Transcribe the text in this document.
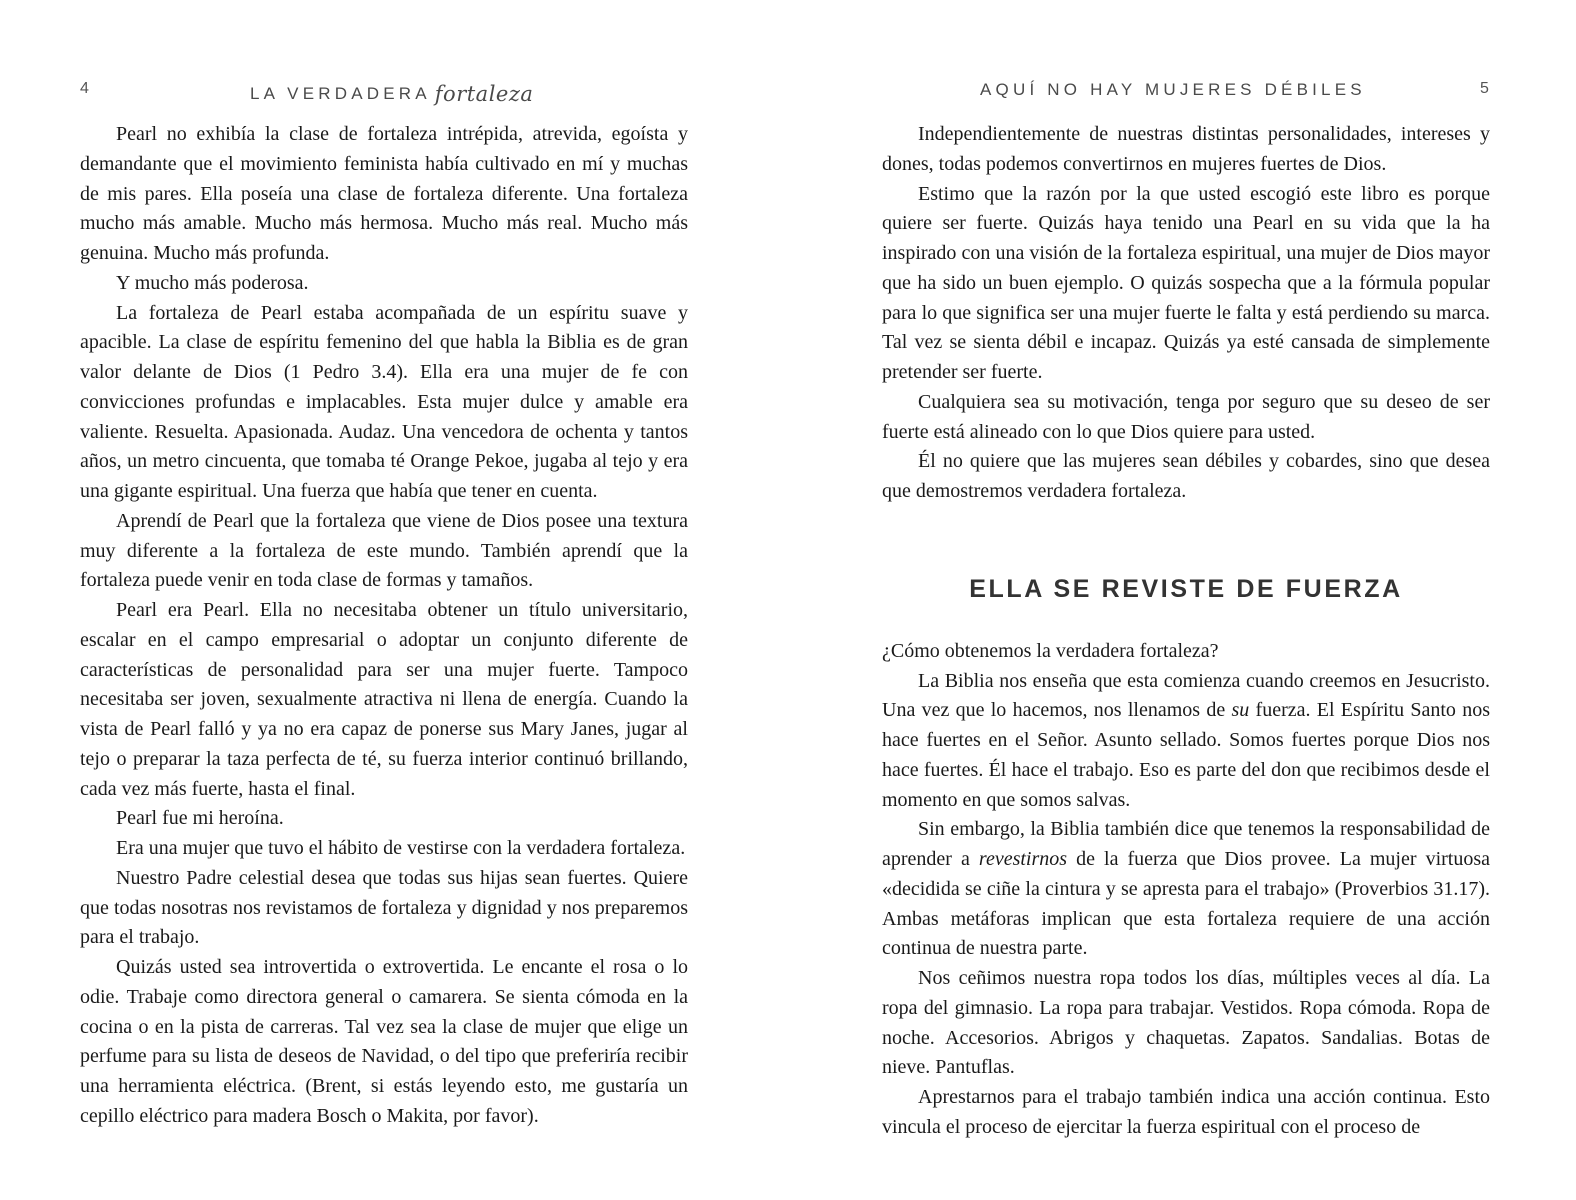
4	LA VERDADERA fortaleza

Pearl no exhibía la clase de fortaleza intrépida, atrevida, egoísta y demandante que el movimiento feminista había cultivado en mí y muchas de mis pares. Ella poseía una clase de fortaleza diferente. Una fortaleza mucho más amable. Mucho más hermosa. Mucho más real. Mucho más genuina. Mucho más profunda.

Y mucho más poderosa.

La fortaleza de Pearl estaba acompañada de un espíritu suave y apacible. La clase de espíritu femenino del que habla la Biblia es de gran valor delante de Dios (1 Pedro 3.4). Ella era una mujer de fe con convicciones profundas e implacables. Esta mujer dulce y amable era valiente. Resuelta. Apasionada. Audaz. Una vencedora de ochenta y tantos años, un metro cincuenta, que tomaba té Orange Pekoe, jugaba al tejo y era una gigante espiritual. Una fuerza que había que tener en cuenta.

Aprendí de Pearl que la fortaleza que viene de Dios posee una textura muy diferente a la fortaleza de este mundo. También aprendí que la fortaleza puede venir en toda clase de formas y tamaños.

Pearl era Pearl. Ella no necesitaba obtener un título universitario, escalar en el campo empresarial o adoptar un conjunto diferente de características de personalidad para ser una mujer fuerte. Tampoco necesitaba ser joven, sexualmente atractiva ni llena de energía. Cuando la vista de Pearl falló y ya no era capaz de ponerse sus Mary Janes, jugar al tejo o preparar la taza perfecta de té, su fuerza interior continuó brillando, cada vez más fuerte, hasta el final.

Pearl fue mi heroína.

Era una mujer que tuvo el hábito de vestirse con la verdadera fortaleza.

Nuestro Padre celestial desea que todas sus hijas sean fuertes. Quiere que todas nosotras nos revistamos de fortaleza y dignidad y nos preparemos para el trabajo.

Quizás usted sea introvertida o extrovertida. Le encante el rosa o lo odie. Trabaje como directora general o camarera. Se sienta cómoda en la cocina o en la pista de carreras. Tal vez sea la clase de mujer que elige un perfume para su lista de deseos de Navidad, o del tipo que preferiría recibir una herramienta eléctrica. (Brent, si estás leyendo esto, me gustaría un cepillo eléctrico para madera Bosch o Makita, por favor).

AQUÍ NO HAY MUJERES DÉBILES	5

Independientemente de nuestras distintas personalidades, intereses y dones, todas podemos convertirnos en mujeres fuertes de Dios.

Estimo que la razón por la que usted escogió este libro es porque quiere ser fuerte. Quizás haya tenido una Pearl en su vida que la ha inspirado con una visión de la fortaleza espiritual, una mujer de Dios mayor que ha sido un buen ejemplo. O quizás sospecha que a la fórmula popular para lo que significa ser una mujer fuerte le falta y está perdiendo su marca. Tal vez se sienta débil e incapaz. Quizás ya esté cansada de simplemente pretender ser fuerte.

Cualquiera sea su motivación, tenga por seguro que su deseo de ser fuerte está alineado con lo que Dios quiere para usted.

Él no quiere que las mujeres sean débiles y cobardes, sino que desea que demostremos verdadera fortaleza.

ELLA SE REVISTE DE FUERZA

¿Cómo obtenemos la verdadera fortaleza?

La Biblia nos enseña que esta comienza cuando creemos en Jesucristo. Una vez que lo hacemos, nos llenamos de su fuerza. El Espíritu Santo nos hace fuertes en el Señor. Asunto sellado. Somos fuertes porque Dios nos hace fuertes. Él hace el trabajo. Eso es parte del don que recibimos desde el momento en que somos salvas.

Sin embargo, la Biblia también dice que tenemos la responsabilidad de aprender a revestirnos de la fuerza que Dios provee. La mujer virtuosa «decidida se ciñe la cintura y se apresta para el trabajo» (Proverbios 31.17). Ambas metáforas implican que esta fortaleza requiere de una acción continua de nuestra parte.

Nos ceñimos nuestra ropa todos los días, múltiples veces al día. La ropa del gimnasio. La ropa para trabajar. Vestidos. Ropa cómoda. Ropa de noche. Accesorios. Abrigos y chaquetas. Zapatos. Sandalias. Botas de nieve. Pantuflas.

Aprestarnos para el trabajo también indica una acción continua. Esto vincula el proceso de ejercitar la fuerza espiritual con el proceso de
